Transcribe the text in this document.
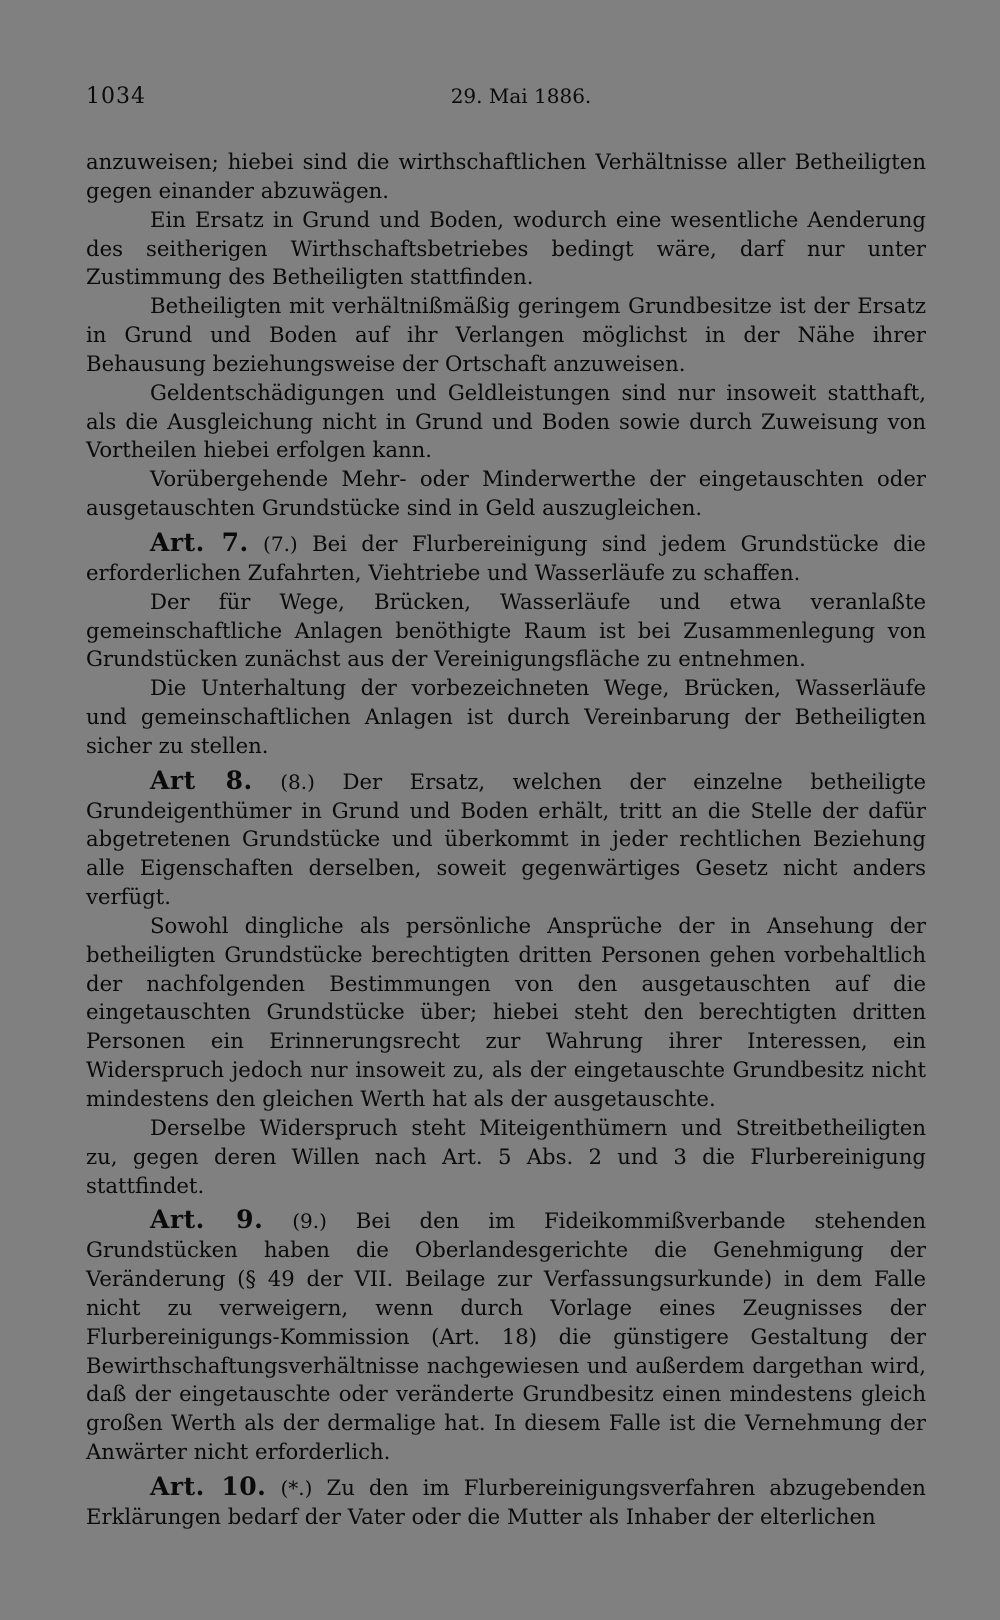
1034	29. Mai 1886.

anzuweisen; hiebei sind die wirthschaftlichen Verhältnisse aller Betheiligten gegen einander abzuwägen.

Ein Ersatz in Grund und Boden, wodurch eine wesentliche Aenderung des seitherigen Wirthschaftsbetriebes bedingt wäre, darf nur unter Zustimmung des Betheiligten stattfinden.

Betheiligten mit verhältnißmäßig geringem Grundbesitze ist der Ersatz in Grund und Boden auf ihr Verlangen möglichst in der Nähe ihrer Behausung beziehungsweise der Ortschaft anzuweisen.

Geldentschädigungen und Geldleistungen sind nur insoweit statthaft, als die Ausgleichung nicht in Grund und Boden sowie durch Zuweisung von Vortheilen hiebei erfolgen kann.

Vorübergehende Mehr- oder Minderwerthe der eingetauschten oder ausgetauschten Grundstücke sind in Geld auszugleichen.

Art. 7. (7.) Bei der Flurbereinigung sind jedem Grundstücke die erforderlichen Zufahrten, Viehtriebe und Wasserläufe zu schaffen.

Der für Wege, Brücken, Wasserläufe und etwa veranlaßte gemeinschaftliche Anlagen benöthigte Raum ist bei Zusammenlegung von Grundstücken zunächst aus der Vereinigungsfläche zu entnehmen.

Die Unterhaltung der vorbezeichneten Wege, Brücken, Wasserläufe und gemeinschaftlichen Anlagen ist durch Vereinbarung der Betheiligten sicher zu stellen.

Art 8. (8.) Der Ersatz, welchen der einzelne betheiligte Grundeigenthümer in Grund und Boden erhält, tritt an die Stelle der dafür abgetretenen Grundstücke und überkommt in jeder rechtlichen Beziehung alle Eigenschaften derselben, soweit gegenwärtiges Gesetz nicht anders verfügt.

Sowohl dingliche als persönliche Ansprüche der in Ansehung der betheiligten Grundstücke berechtigten dritten Personen gehen vorbehaltlich der nachfolgenden Bestimmungen von den ausgetauschten auf die eingetauschten Grundstücke über; hiebei steht den berechtigten dritten Personen ein Erinnerungsrecht zur Wahrung ihrer Interessen, ein Widerspruch jedoch nur insoweit zu, als der eingetauschte Grundbesitz nicht mindestens den gleichen Werth hat als der ausgetauschte.

Derselbe Widerspruch steht Miteigenthümern und Streitbetheiligten zu, gegen deren Willen nach Art. 5 Abs. 2 und 3 die Flurbereinigung stattfindet.

Art. 9. (9.) Bei den im Fideikommißverbande stehenden Grundstücken haben die Oberlandesgerichte die Genehmigung der Veränderung (§ 49 der VII. Beilage zur Verfassungsurkunde) in dem Falle nicht zu verweigern, wenn durch Vorlage eines Zeugnisses der Flurbereinigungs-Kommission (Art. 18) die günstigere Gestaltung der Bewirthschaftungsverhältnisse nachgewiesen und außerdem dargethan wird, daß der eingetauschte oder veränderte Grundbesitz einen mindestens gleich großen Werth als der dermalige hat. In diesem Falle ist die Vernehmung der Anwärter nicht erforderlich.

Art. 10. (*.) Zu den im Flurbereinigungsverfahren abzugebenden Erklärungen bedarf der Vater oder die Mutter als Inhaber der elterlichen
